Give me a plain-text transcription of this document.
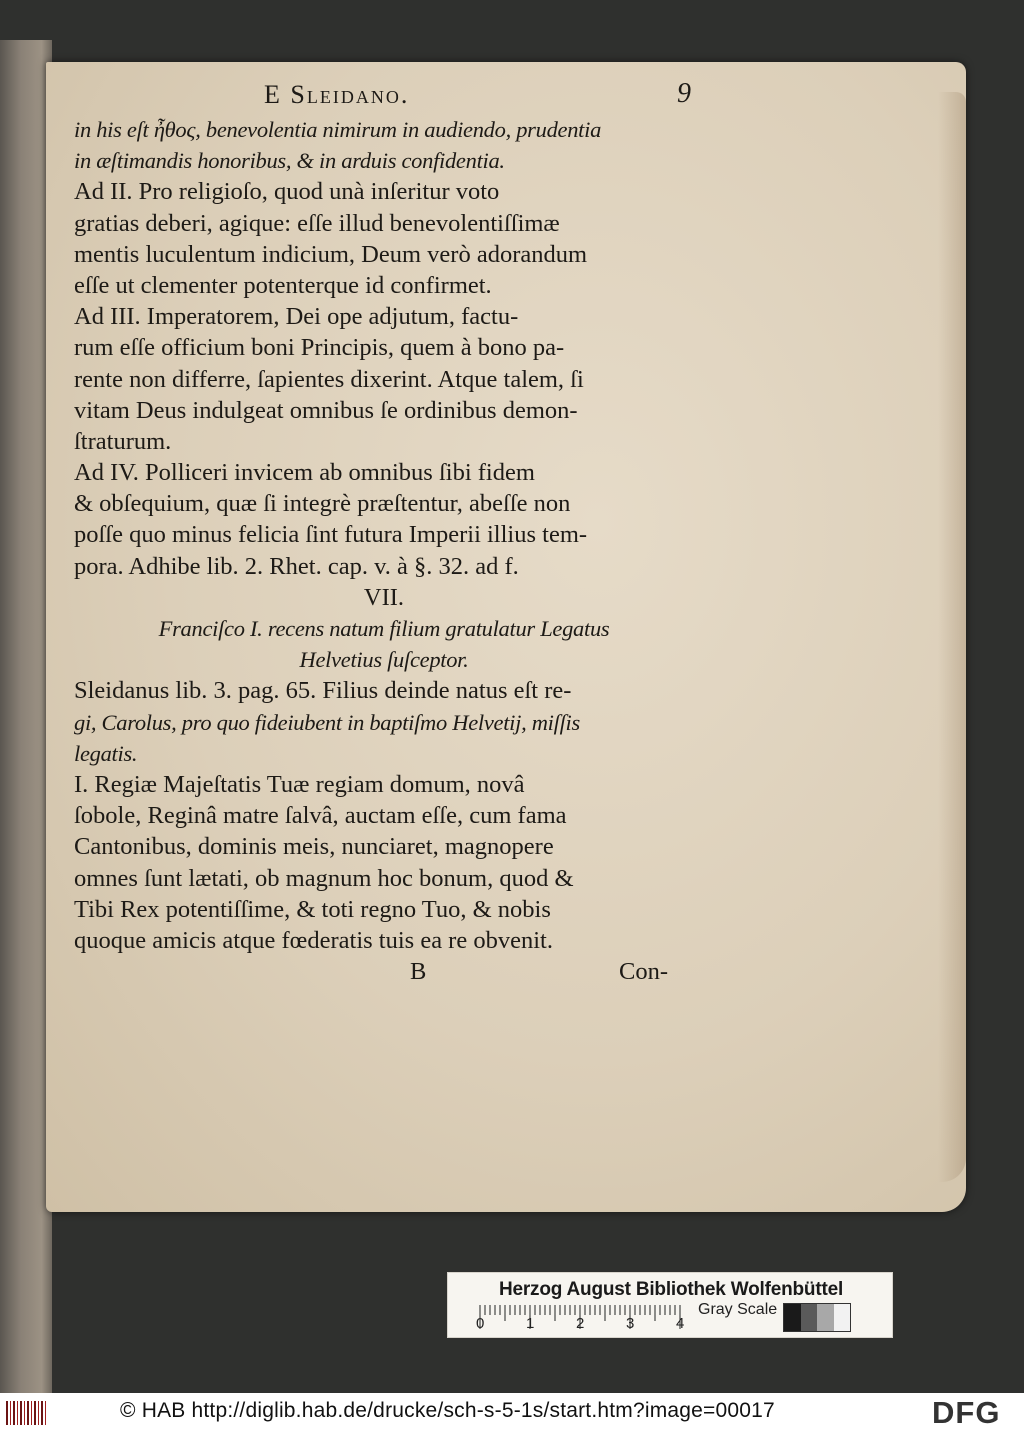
E Sleidano.	9
in his eſt ἦθος, benevolentia nimirum in audiendo, prudentia
in æſtimandis honoribus, & in arduis confidentia.
Ad II. Pro religioſo, quod unà inſeritur voto
gratias deberi, agique: eſſe illud benevolentiſſimæ
mentis luculentum indicium, Deum verò adorandum
eſſe ut clementer potenterque id confirmet.
Ad III. Imperatorem, Dei ope adjutum, factu-
rum eſſe officium boni Principis, quem à bono pa-
rente non differre, ſapientes dixerint. Atque talem, ſi
vitam Deus indulgeat omnibus ſe ordinibus demon-
ſtraturum.
Ad IV. Polliceri invicem ab omnibus ſibi fidem
& obſequium, quæ ſi integrè præſtentur, abeſſe non
poſſe quo minus felicia ſint futura Imperii illius tem-
pora. Adhibe lib. 2. Rhet. cap. v. à §. 32. ad f.
VII.
Franciſco I. recens natum filium gratulatur Legatus
Helvetius ſuſceptor.
Sleidanus lib. 3. pag. 65. Filius deinde natus eſt re-
gi, Carolus, pro quo fideiubent in baptiſmo Helvetij, miſſis
legatis.
I. Regiæ Majeſtatis Tuæ regiam domum, novâ
ſobole, Reginâ matre ſalvâ, auctam eſſe, cum fama
Cantonibus, dominis meis, nunciaret, magnopere
omnes ſunt lætati, ob magnum hoc bonum, quod &
Tibi Rex potentiſſime, & toti regno Tuo, & nobis
quoque amicis atque fœderatis tuis ea re obvenit.
B	Con-
Herzog August Bibliothek Wolfenbüttel
0	1	2	3	4
Gray Scale
© HAB http://diglib.hab.de/drucke/sch-s-5-1s/start.htm?image=00017	DFG
